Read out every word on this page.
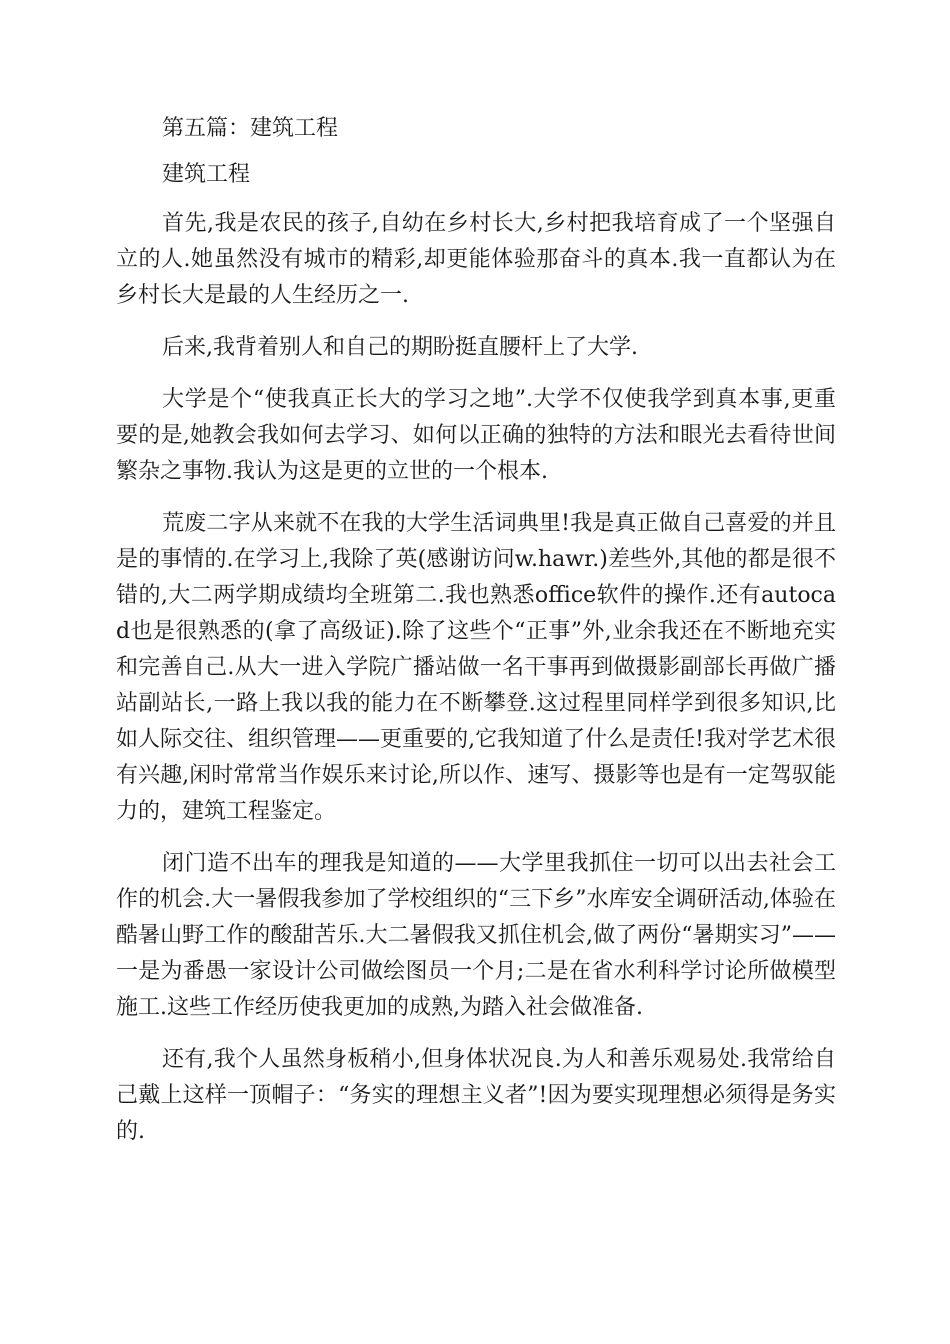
第五篇：建筑工程

建筑工程

首先,我是农民的孩子,自幼在乡村长大,乡村把我培育成了一个坚强自立的人.她虽然没有城市的精彩,却更能体验那奋斗的真本.我一直都认为在乡村长大是最的人生经历之一.

后来,我背着别人和自己的期盼挺直腰杆上了大学.

大学是个“使我真正长大的学习之地”.大学不仅使我学到真本事,更重要的是,她教会我如何去学习、如何以正确的独特的方法和眼光去看待世间繁杂之事物.我认为这是更的立世的一个根本.

荒废二字从来就不在我的大学生活词典里!我是真正做自己喜爱的并且是的事情的.在学习上,我除了英(感谢访问w.hawr.)差些外,其他的都是很不错的,大二两学期成绩均全班第二.我也熟悉office软件的操作.还有autocad也是很熟悉的(拿了高级证).除了这些个“正事”外,业余我还在不断地充实和完善自己.从大一进入学院广播站做一名干事再到做摄影副部长再做广播站副站长,一路上我以我的能力在不断攀登.这过程里同样学到很多知识,比如人际交往、组织管理——更重要的,它我知道了什么是责任!我对学艺术很有兴趣,闲时常常当作娱乐来讨论,所以作、速写、摄影等也是有一定驾驭能力的，建筑工程鉴定。

闭门造不出车的理我是知道的——大学里我抓住一切可以出去社会工作的机会.大一暑假我参加了学校组织的“三下乡”水库安全调研活动,体验在酷暑山野工作的酸甜苦乐.大二暑假我又抓住机会,做了两份“暑期实习”——一是为番愚一家设计公司做绘图员一个月;二是在省水利科学讨论所做模型施工.这些工作经历使我更加的成熟,为踏入社会做准备.

还有,我个人虽然身板稍小,但身体状况良.为人和善乐观易处.我常给自己戴上这样一顶帽子：“务实的理想主义者”!因为要实现理想必须得是务实的.
